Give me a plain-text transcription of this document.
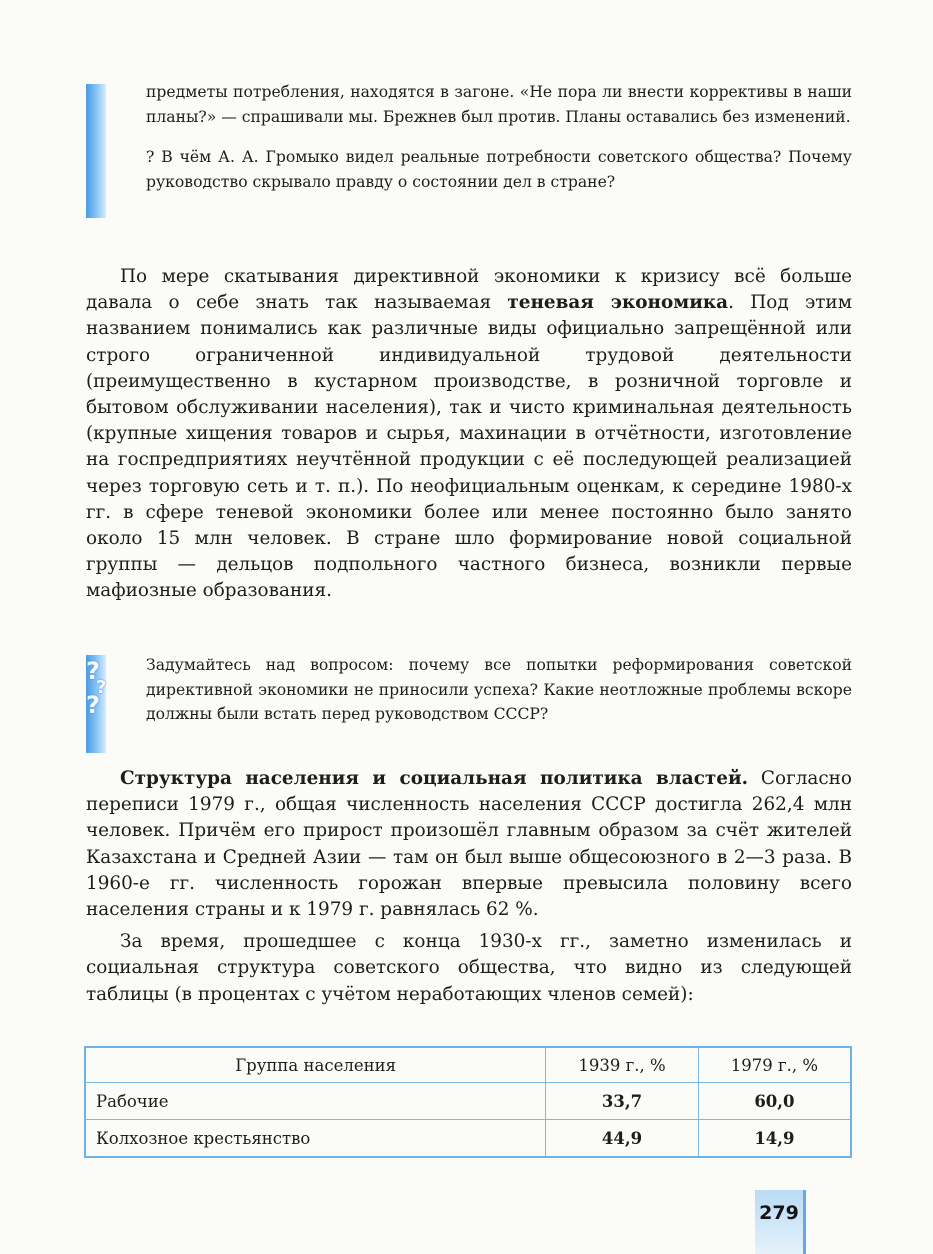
предметы потребления, находятся в загоне. «Не пора ли внести коррективы в наши планы?» — спрашивали мы. Брежнев был против. Планы оставались без изменений.

? В чём А. А. Громыко видел реальные потребности советского общества? Почему руководство скрывало правду о состоянии дел в стране?

По мере скатывания директивной экономики к кризису всё больше давала о себе знать так называемая теневая экономика. Под этим названием понимались как различные виды официально запрещённой или строго ограниченной индивидуальной трудовой деятельности (преимущественно в кустарном производстве, в розничной торговле и бытовом обслуживании населения), так и чисто криминальная деятельность (крупные хищения товаров и сырья, махинации в отчётности, изготовление на госпредприятиях неучтённой продукции с её последующей реализацией через торговую сеть и т. п.). По неофициальным оценкам, к середине 1980-х гг. в сфере теневой экономики более или менее постоянно было занято около 15 млн человек. В стране шло формирование новой социальной группы — дельцов подпольного частного бизнеса, возникли первые мафиозные образования.

?
?
?

Задумайтесь над вопросом: почему все попытки реформирования советской директивной экономики не приносили успеха? Какие неотложные проблемы вскоре должны были встать перед руководством СССР?

Структура населения и социальная политика властей. Согласно переписи 1979 г., общая численность населения СССР достигла 262,4 млн человек. Причём его прирост произошёл главным образом за счёт жителей Казахстана и Средней Азии — там он был выше общесоюзного в 2—3 раза. В 1960-е гг. численность горожан впервые превысила половину всего населения страны и к 1979 г. равнялась 62 %.

За время, прошедшее с конца 1930-х гг., заметно изменилась и социальная структура советского общества, что видно из следующей таблицы (в процентах с учётом неработающих членов семей):

Группа населения	1939 г., %	1979 г., %
Рабочие	33,7	60,0
Колхозное крестьянство	44,9	14,9
279
